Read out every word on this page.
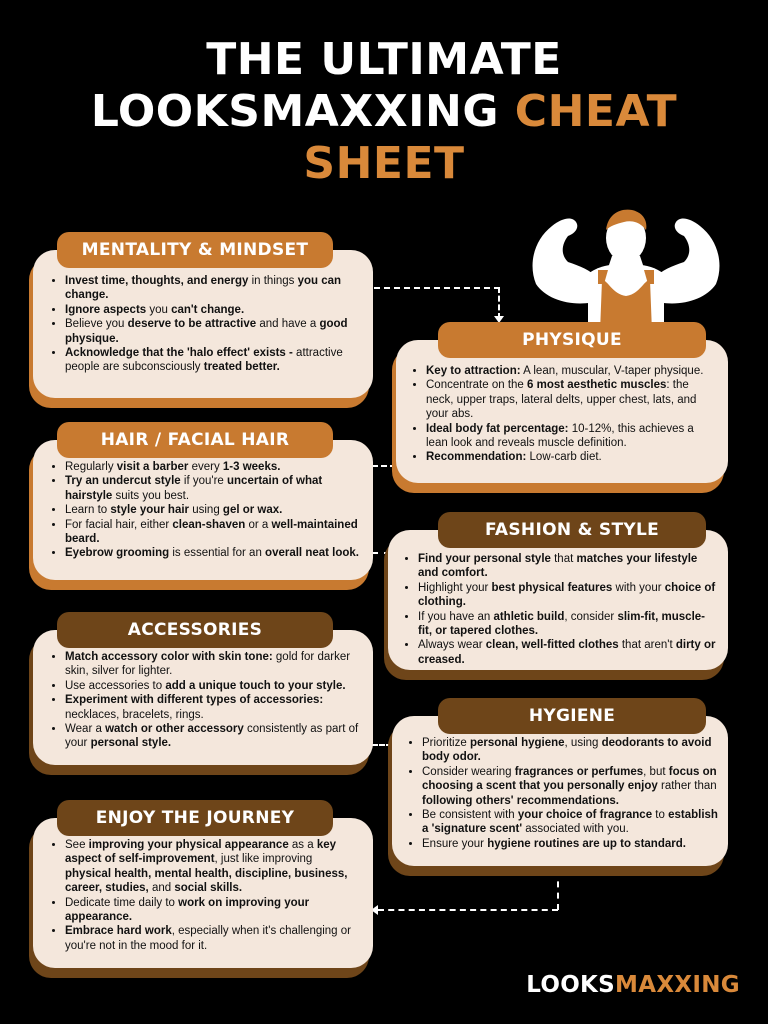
THE ULTIMATE
LOOKSMAXXING CHEAT
SHEET
• Invest time, thoughts, and energy in things you can change.
• Ignore aspects you can't change.
• Believe you deserve to be attractive and have a good physique.
• Acknowledge that the 'halo effect' exists - attractive people are subconsciously treated better.
MENTALITY & MINDSET
• Key to attraction: A lean, muscular, V-taper physique.
• Concentrate on the 6 most aesthetic muscles: the neck, upper traps, lateral delts, upper chest, lats, and your abs.
• Ideal body fat percentage: 10-12%, this achieves a lean look and reveals muscle definition.
• Recommendation: Low-carb diet.
PHYSIQUE
• Regularly visit a barber every 1-3 weeks.
• Try an undercut style if you're uncertain of what hairstyle suits you best.
• Learn to style your hair using gel or wax.
• For facial hair, either clean-shaven or a well-maintained beard.
• Eyebrow grooming is essential for an overall neat look.
HAIR / FACIAL HAIR
• Find your personal style that matches your lifestyle and comfort.
• Highlight your best physical features with your choice of clothing.
• If you have an athletic build, consider slim-fit, muscle-fit, or tapered clothes.
• Always wear clean, well-fitted clothes that aren't dirty or creased.
FASHION & STYLE
• Match accessory color with skin tone: gold for darker skin, silver for lighter.
• Use accessories to add a unique touch to your style.
• Experiment with different types of accessories: necklaces, bracelets, rings.
• Wear a watch or other accessory consistently as part of your personal style.
ACCESSORIES
• Prioritize personal hygiene, using deodorants to avoid body odor.
• Consider wearing fragrances or perfumes, but focus on choosing a scent that you personally enjoy rather than following others' recommendations.
• Be consistent with your choice of fragrance to establish a 'signature scent' associated with you.
• Ensure your hygiene routines are up to standard.
HYGIENE
• See improving your physical appearance as a key aspect of self-improvement, just like improving physical health, mental health, discipline, business, career, studies, and social skills.
• Dedicate time daily to work on improving your appearance.
• Embrace hard work, especially when it's challenging or you're not in the mood for it.
ENJOY THE JOURNEY
LOOKSMAXXING
